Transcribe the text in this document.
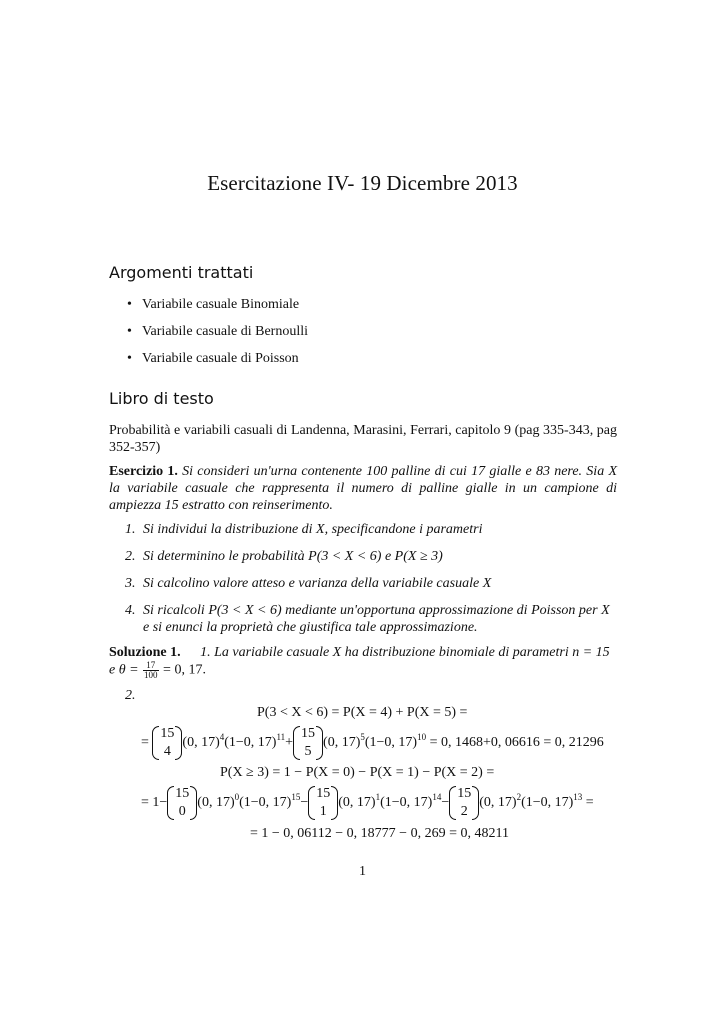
Esercitazione IV- 19 Dicembre 2013
Argomenti trattati
• Variabile casuale Binomiale
• Variabile casuale di Bernoulli
• Variabile casuale di Poisson
Libro di testo
Probabilità e variabili casuali di Landenna, Marasini, Ferrari, capitolo 9 (pag 335-343, pag 352-357)
Esercizio 1. Si consideri un'urna contenente 100 palline di cui 17 gialle e 83 nere. Sia X la variabile casuale che rappresenta il numero di palline gialle in un campione di ampiezza 15 estratto con reinserimento.
1. Si individui la distribuzione di X, specificandone i parametri
2. Si determinino le probabilità P(3 < X < 6) e P(X ≥ 3)
3. Si calcolino valore atteso e varianza della variabile casuale X
4. Si ricalcoli P(3 < X < 6) mediante un'opportuna approssimazione di Poisson per X e si enunci la proprietà che giustifica tale approssimazione.
Soluzione 1. 1. La variabile casuale X ha distribuzione binomiale di parametri n = 15 e $\theta = \frac{17}{100} = 0$, 17.
2.
P(3 < X < 6) = P(X = 4) + P(X = 5) =
=
15
4
(0, 17)$^4$(1−0, 17)$^{11}$+
15
5
(0, 17)$^5$(1−0, 17)$^{10}$ = 0, 1468+0, 06616 = 0, 21296
P(X ≥ 3) = 1 − P(X = 0) − P(X = 1) − P(X = 2) =
= 1−
15
0
(0, 17)$^0$(1−0, 17)$^{15}$−
15
1
(0, 17)$^1$(1−0, 17)$^{14}$−
15
2
(0, 17)$^2$(1−0, 17)$^{13}$ =
= 1 − 0, 06112 − 0, 18777 − 0, 269 = 0, 48211
1
